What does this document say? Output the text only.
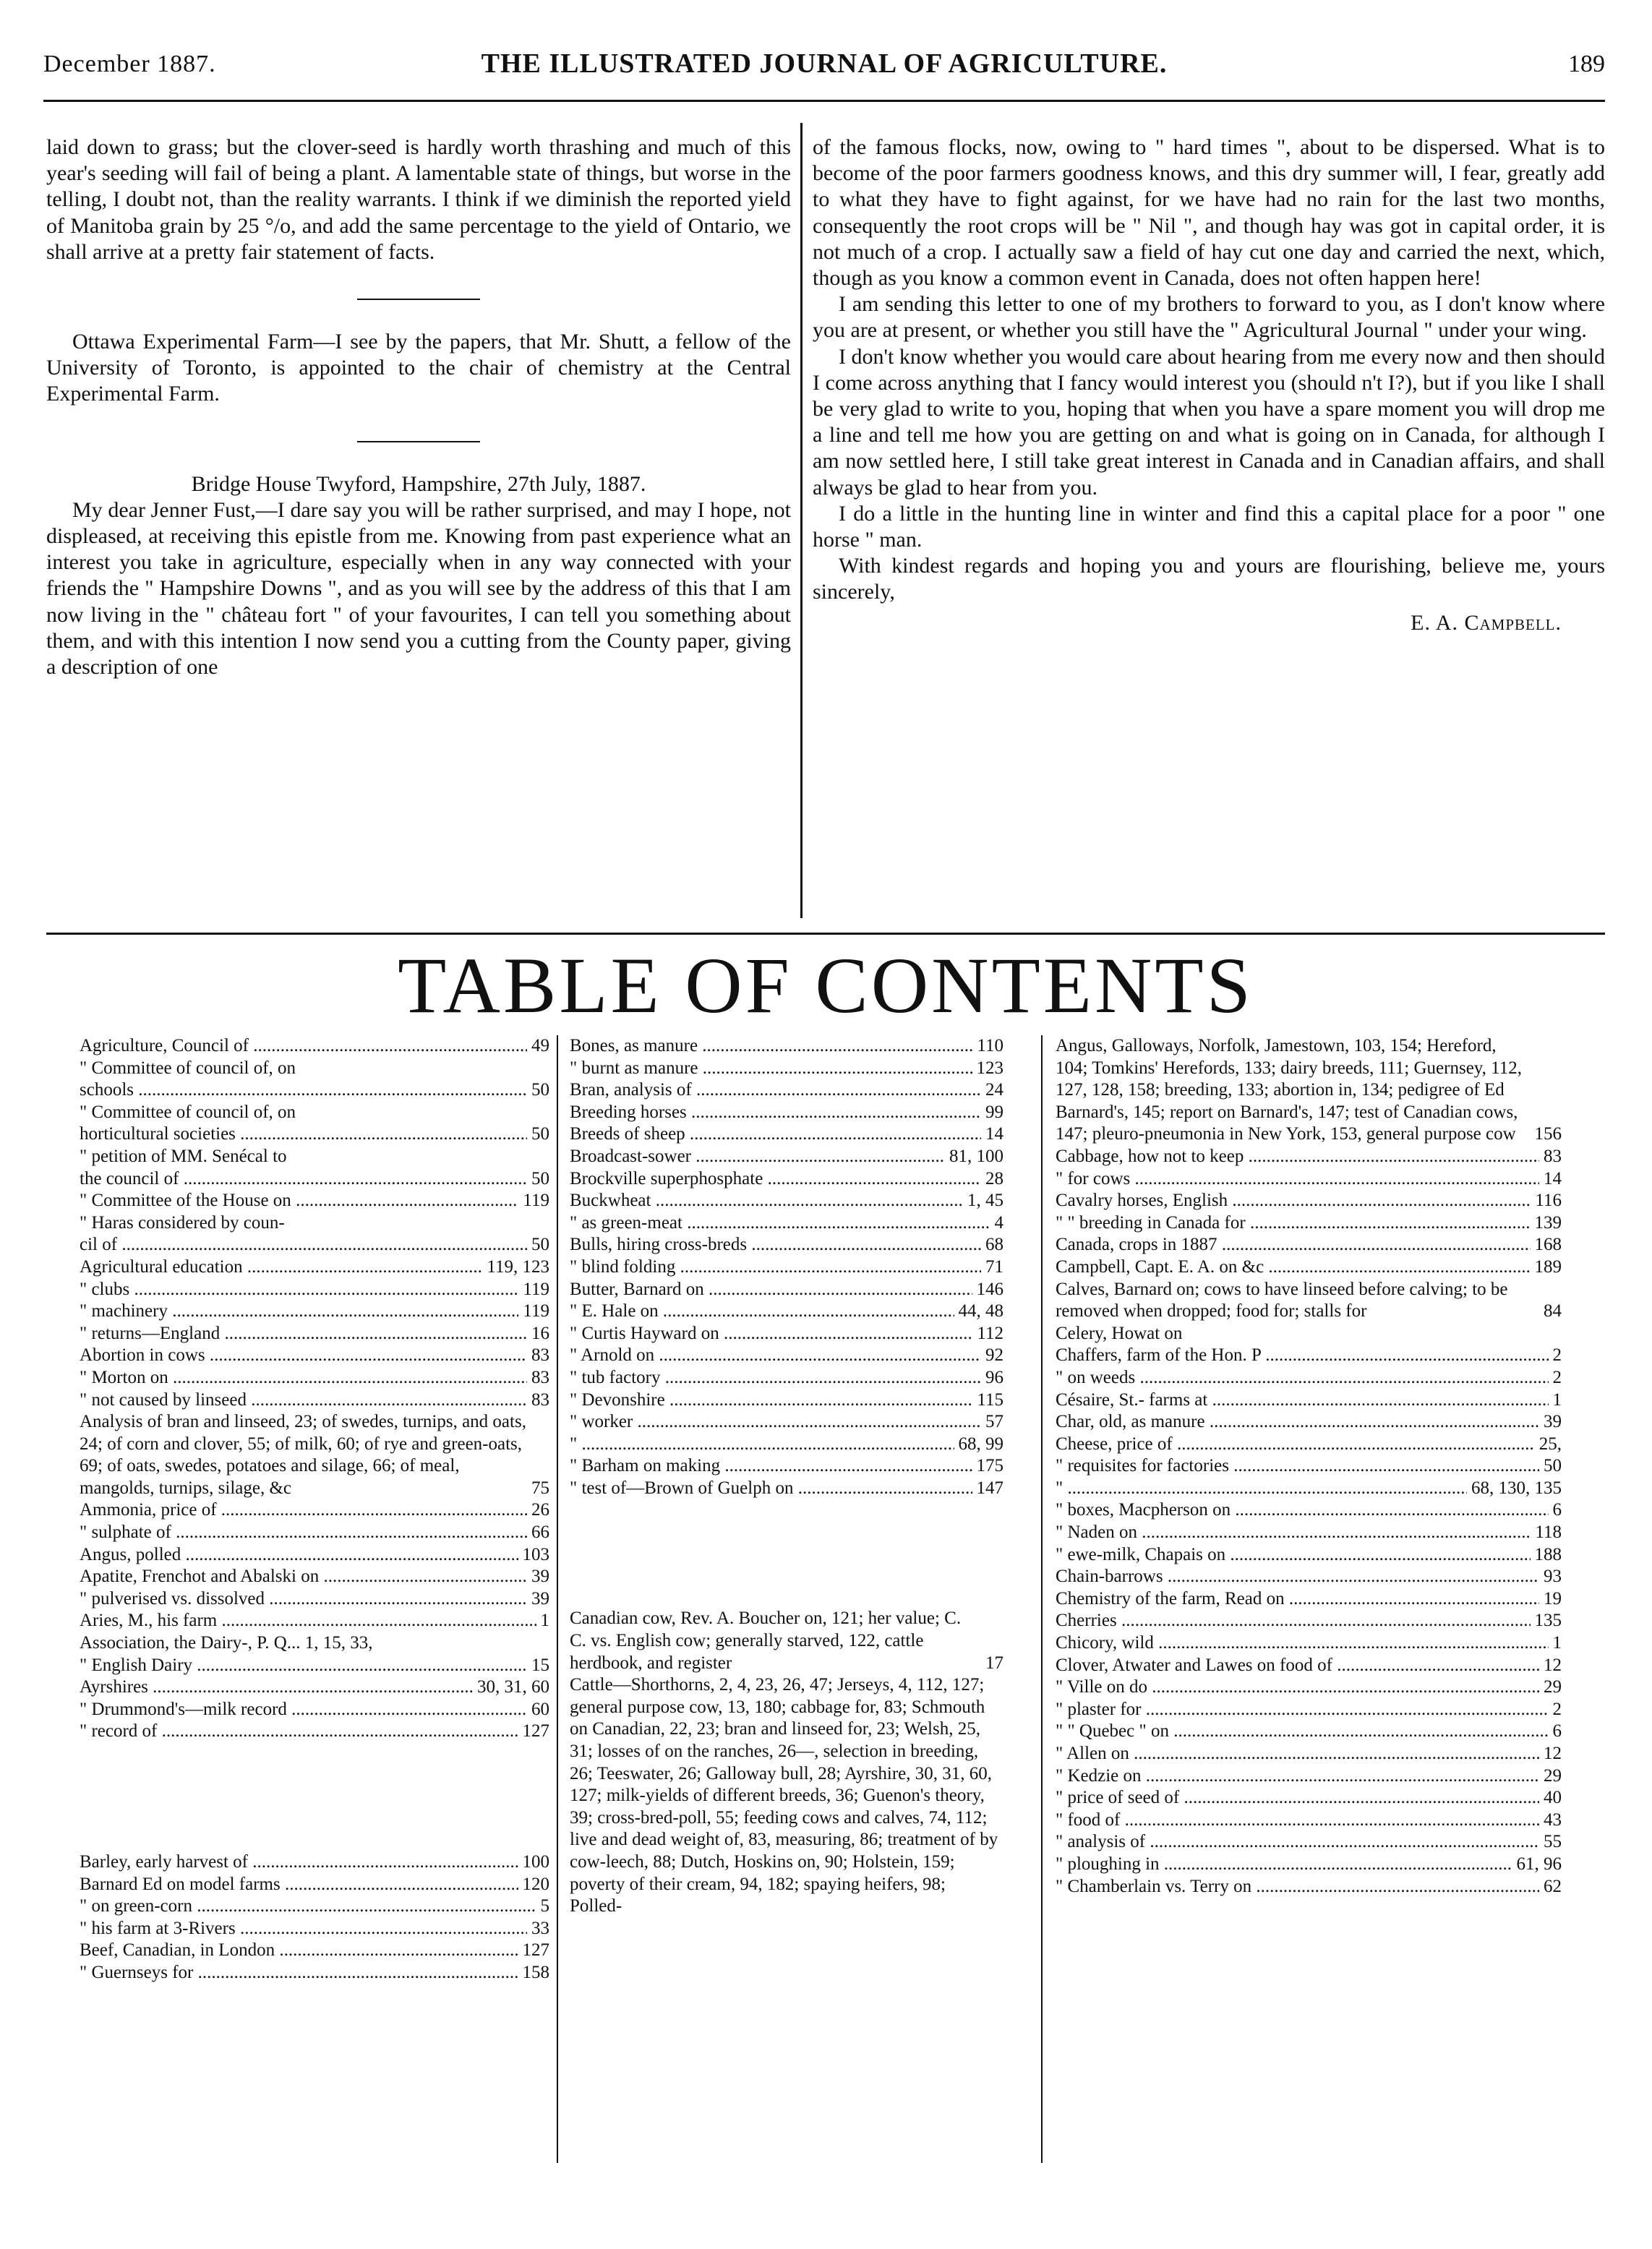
December 1887.	THE ILLUSTRATED JOURNAL OF AGRICULTURE.	189

laid down to grass; but the clover-seed is hardly worth thrashing and much of this year's seeding will fail of being a plant. A lamentable state of things, but worse in the telling, I doubt not, than the reality warrants. I think if we diminish the reported yield of Manitoba grain by 25 °/o, and add the same percentage to the yield of Ontario, we shall arrive at a pretty fair statement of facts.

Ottawa Experimental Farm—I see by the papers, that Mr. Shutt, a fellow of the University of Toronto, is appointed to the chair of chemistry at the Central Experimental Farm.

Bridge House Twyford, Hampshire, 27th July, 1887.

My dear Jenner Fust,—I dare say you will be rather surprised, and may I hope, not displeased, at receiving this epistle from me. Knowing from past experience what an interest you take in agriculture, especially when in any way connected with your friends the " Hampshire Downs ", and as you will see by the address of this that I am now living in the " château fort " of your favourites, I can tell you something about them, and with this intention I now send you a cutting from the County paper, giving a description of one

of the famous flocks, now, owing to " hard times ", about to be dispersed. What is to become of the poor farmers goodness knows, and this dry summer will, I fear, greatly add to what they have to fight against, for we have had no rain for the last two months, consequently the root crops will be " Nil ", and though hay was got in capital order, it is not much of a crop. I actually saw a field of hay cut one day and carried the next, which, though as you know a common event in Canada, does not often happen here!

I am sending this letter to one of my brothers to forward to you, as I don't know where you are at present, or whether you still have the " Agricultural Journal " under your wing.

I don't know whether you would care about hearing from me every now and then should I come across anything that I fancy would interest you (should n't I?), but if you like I shall be very glad to write to you, hoping that when you have a spare moment you will drop me a line and tell me how you are getting on and what is going on in Canada, for although I am now settled here, I still take great interest in Canada and in Canadian affairs, and shall always be glad to hear from you.

I do a little in the hunting line in winter and find this a capital place for a poor " one horse " man.

With kindest regards and hoping you and yours are flourishing, believe me, yours sincerely,

E. A. Campbell.

TABLE OF CONTENTS
Agriculture, Council of .....	49
" Committee of council of, on
schools .....	50
" Committee of council of, on
horticultural societies .....	50
" petition of MM. Senécal to
the council of .....	50
" Committee of the House on .....	119
" Haras considered by coun-
cil of .....	50
Agricultural education .....	119, 123
" clubs .....	119
" machinery .....	119
" returns—England .....	16
Abortion in cows .....	83
" Morton on .....	83
" not caused by linseed .....	83
Analysis of bran and linseed, 23; of swedes, turnips, and oats, 24; of corn and clover, 55; of milk, 60; of rye and green-oats, 69; of oats, swedes, potatoes and silage, 66; of meal, mangolds, turnips, silage, &c	75
Ammonia, price of .....	26
" sulphate of .....	66
Angus, polled .....	103
Apatite, Frenchot and Abalski on .....	39
" pulverised vs. dissolved .....	39
Aries, M., his farm .....	1
Association, the Dairy-, P. Q... 1, 15, 33,
" English Dairy .....	15
Ayrshires .....	30, 31, 60
" Drummond's—milk record .....	60
" record of .....	127
Barley, early harvest of .....	100
Barnard Ed on model farms .....	120
" on green-corn .....	5
" his farm at 3-Rivers .....	33
Beef, Canadian, in London .....	127
" Guernseys for .....	158
Bones, as manure .....	110
" burnt as manure .....	123
Bran, analysis of .....	24
Breeding horses .....	99
Breeds of sheep .....	14
Broadcast-sower .....	81, 100
Brockville superphosphate .....	28
Buckwheat .....	1, 45
" as green-meat .....	4
Bulls, hiring cross-breds .....	68
" blind folding .....	71
Butter, Barnard on .....	146
" E. Hale on .....	44, 48
" Curtis Hayward on .....	112
" Arnold on .....	92
" tub factory .....	96
" Devonshire .....	115
" worker .....	57
" .....	68, 99
" Barham on making .....	175
" test of—Brown of Guelph on .....	147
Canadian cow, Rev. A. Boucher on, 121; her value; C. C. vs. English cow; generally starved, 122, cattle herdbook, and register	17
Cattle—Shorthorns, 2, 4, 23, 26, 47; Jerseys, 4, 112, 127; general purpose cow, 13, 180; cabbage for, 83; Schmouth on Canadian, 22, 23; bran and linseed for, 23; Welsh, 25, 31; losses of on the ranches, 26—, selection in breeding, 26; Teeswater, 26; Galloway bull, 28; Ayrshire, 30, 31, 60, 127; milk-yields of different breeds, 36; Guenon's theory, 39; cross-bred-poll, 55; feeding cows and calves, 74, 112; live and dead weight of, 83, measuring, 86; treatment of by cow-leech, 88; Dutch, Hoskins on, 90; Holstein, 159; poverty of their cream, 94, 182; spaying heifers, 98; Polled-
Angus, Galloways, Norfolk, Jamestown, 103, 154; Hereford, 104; Tomkins' Herefords, 133; dairy breeds, 111; Guernsey, 112, 127, 128, 158; breeding, 133; abortion in, 134; pedigree of Ed Barnard's, 145; report on Barnard's, 147; test of Canadian cows, 147; pleuro-pneumonia in New York, 153, general purpose cow	156
Cabbage, how not to keep .....	83
" for cows .....	14
Cavalry horses, English .....	116
" " breeding in Canada for .....	139
Canada, crops in 1887 .....	168
Campbell, Capt. E. A. on &c .....	189
Calves, Barnard on; cows to have linseed before calving; to be removed when dropped; food for; stalls for	84
Celery, Howat on
Chaffers, farm of the Hon. P .....	2
" on weeds .....	2
Césaire, St.- farms at .....	1
Char, old, as manure .....	39
Cheese, price of .....	25,
" requisites for factories .....	50
" .....	68, 130, 135
" boxes, Macpherson on .....	6
" Naden on .....	118
" ewe-milk, Chapais on .....	188
Chain-barrows .....	93
Chemistry of the farm, Read on .....	19
Cherries .....	135
Chicory, wild .....	1
Clover, Atwater and Lawes on food of .....	12
" Ville on do .....	29
" plaster for .....	2
" " Quebec " on .....	6
" Allen on .....	12
" Kedzie on .....	29
" price of seed of .....	40
" food of .....	43
" analysis of .....	55
" ploughing in .....	61, 96
" Chamberlain vs. Terry on .....	62
